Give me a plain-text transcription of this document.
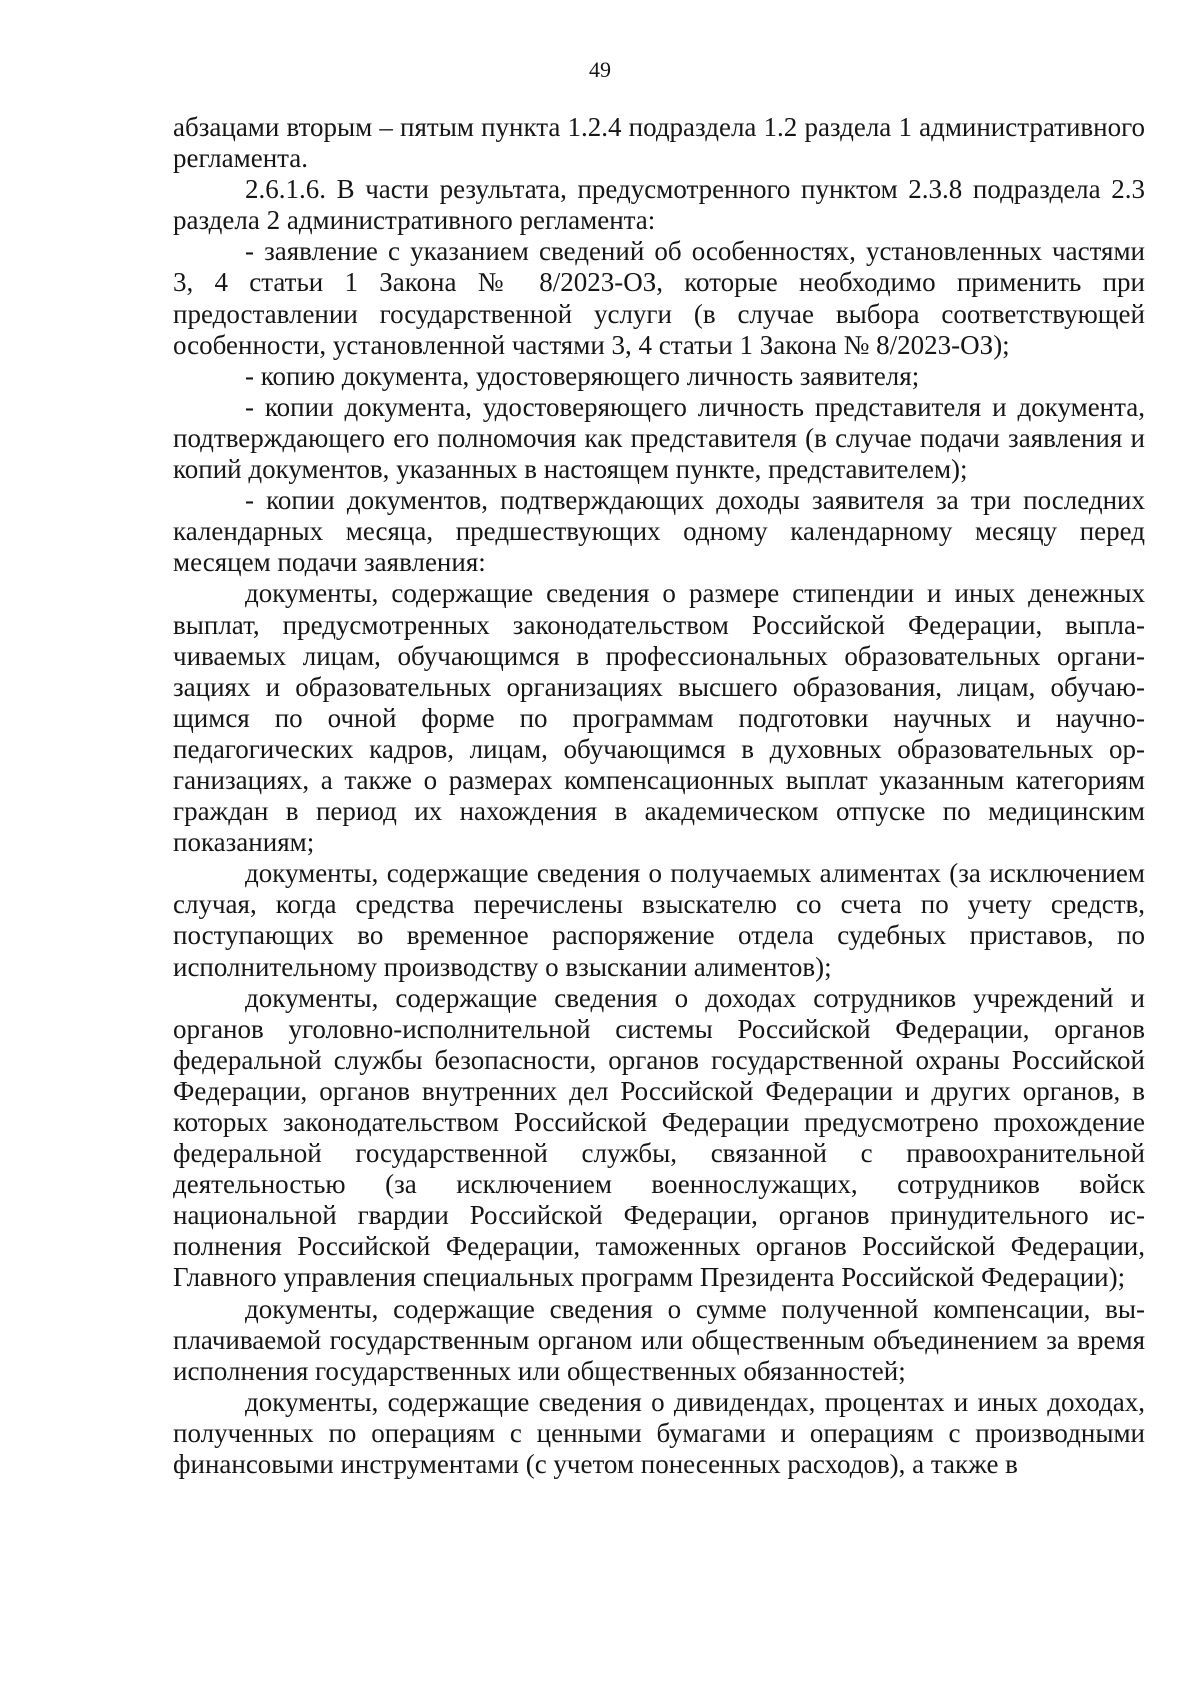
49

абзацами вторым – пятым пункта 1.2.4 подраздела 1.2 раздела 1 административного регламента.

2.6.1.6. В части результата, предусмотренного пунктом 2.3.8 подраздела 2.3 раздела 2 административного регламента:

- заявление с указанием сведений об особенностях, установленных частями 3, 4 статьи 1 Закона № 8/2023-ОЗ, которые необходимо применить при предоставлении государственной услуги (в случае выбора соответствующей особенности, установленной частями 3, 4 статьи 1 Закона № 8/2023-ОЗ);

- копию документа, удостоверяющего личность заявителя;

- копии документа, удостоверяющего личность представителя и документа, подтверждающего его полномочия как представителя (в случае подачи заявления и копий документов, указанных в настоящем пункте, представителем);

- копии документов, подтверждающих доходы заявителя за три последних календарных месяца, предшествующих одному календарному месяцу перед месяцем подачи заявления:

документы, содержащие сведения о размере стипендии и иных денежных выплат, предусмотренных законодательством Российской Федерации, выплачиваемых лицам, обучающимся в профессиональных образовательных организациях и образовательных организациях высшего образования, лицам, обучающимся по очной форме по программам подготовки научных и научно-педагогических кадров, лицам, обучающимся в духовных образовательных организациях, а также о размерах компенсационных выплат указанным категориям граждан в период их нахождения в академическом отпуске по медицинским показаниям;

документы, содержащие сведения о получаемых алиментах (за исключением случая, когда средства перечислены взыскателю со счета по учету средств, поступающих во временное распоряжение отдела судебных приставов, по исполнительному производству о взыскании алиментов);

документы, содержащие сведения о доходах сотрудников учреждений и органов уголовно-исполнительной системы Российской Федерации, органов федеральной службы безопасности, органов государственной охраны Российской Федерации, органов внутренних дел Российской Федерации и других органов, в которых законодательством Российской Федерации предусмотрено прохождение федеральной государственной службы, связанной с правоохранительной деятельностью (за исключением военнослужащих, сотрудников войск национальной гвардии Российской Федерации, органов принудительного исполнения Российской Федерации, таможенных органов Российской Федерации, Главного управления специальных программ Президента Российской Федерации);

документы, содержащие сведения о сумме полученной компенсации, выплачиваемой государственным органом или общественным объединением за время исполнения государственных или общественных обязанностей;

документы, содержащие сведения о дивидендах, процентах и иных доходах, полученных по операциям с ценными бумагами и операциям с производными финансовыми инструментами (с учетом понесенных расходов), а также в
